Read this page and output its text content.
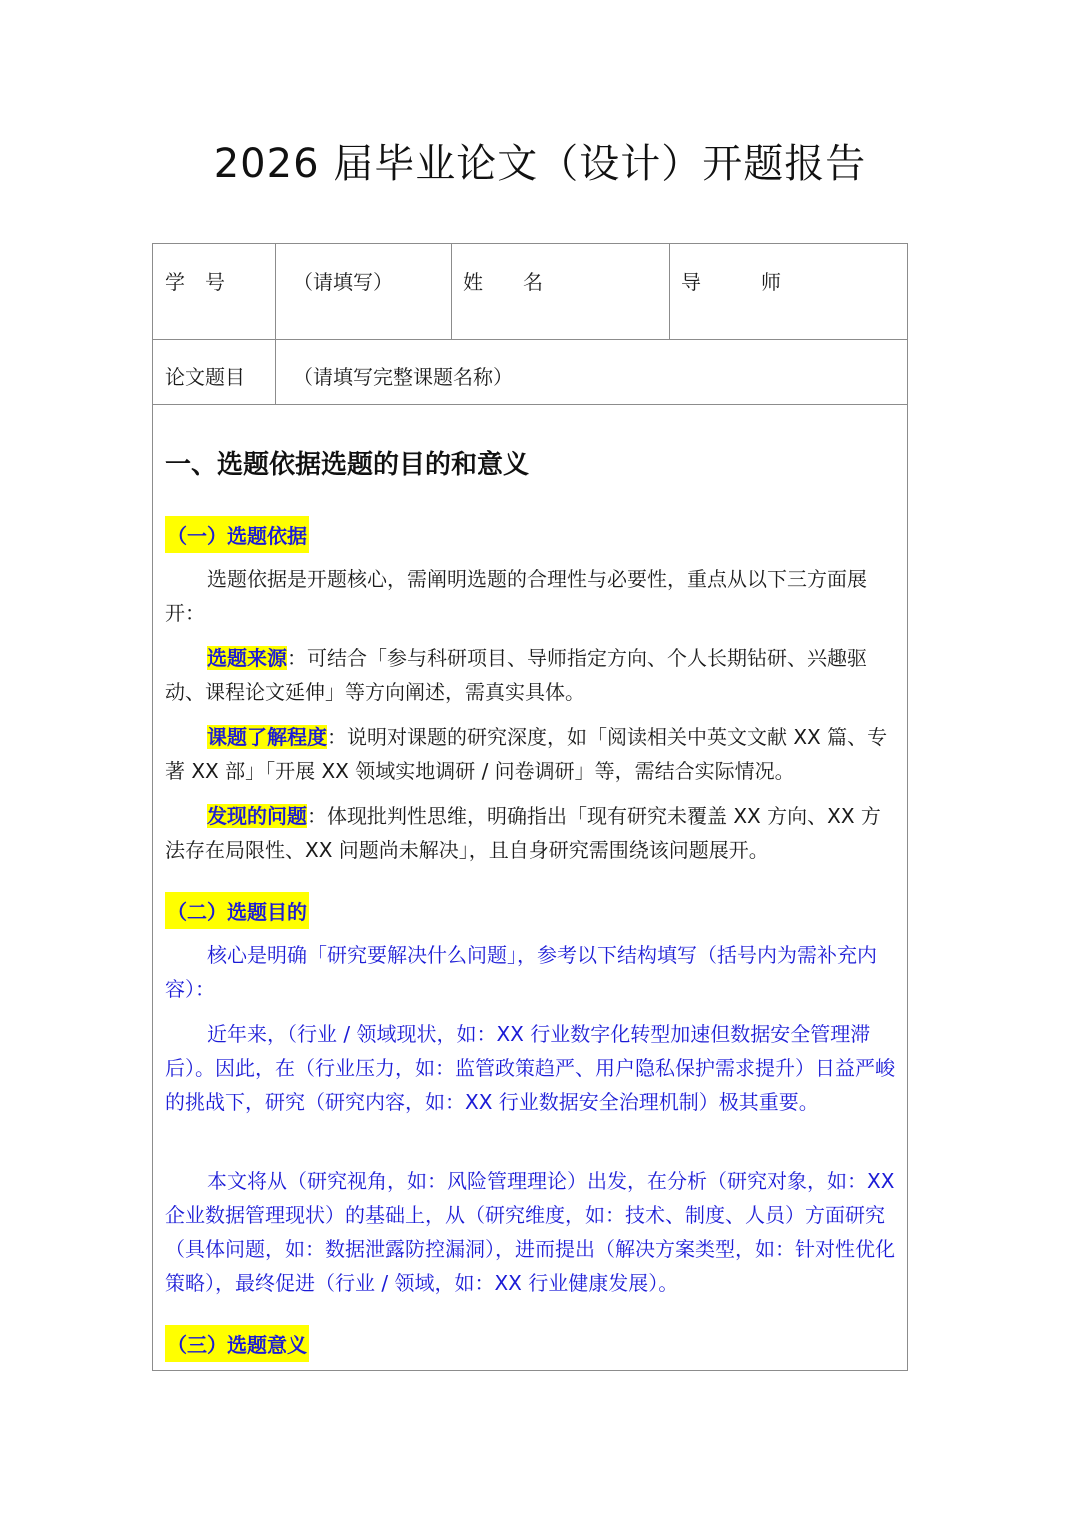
2026 届毕业论文（设计）开题报告
学　号	（请填写）	姓　　名	导　　　师
论文题目 （请填写完整课题名称）
一、选题依据选题的目的和意义
（一）选题依据
选题依据是开题核心，需阐明选题的合理性与必要性，重点从以下三方面展开：
选题来源：可结合「参与科研项目、导师指定方向、个人长期钻研、兴趣驱动、课程论文延伸」等方向阐述，需真实具体。
课题了解程度：说明对课题的研究深度，如「阅读相关中英文文献 XX 篇、专著 XX 部」「开展 XX 领域实地调研 / 问卷调研」等，需结合实际情况。
发现的问题：体现批判性思维，明确指出「现有研究未覆盖 XX 方向、XX 方法存在局限性、XX 问题尚未解决」，且自身研究需围绕该问题展开。
（二）选题目的
核心是明确「研究要解决什么问题」，参考以下结构填写（括号内为需补充内容）：
近年来，（行业 / 领域现状，如：XX 行业数字化转型加速但数据安全管理滞后）。因此，在（行业压力，如：监管政策趋严、用户隐私保护需求提升）日益严峻的挑战下，研究（研究内容，如：XX 行业数据安全治理机制）极其重要。
本文将从（研究视角，如：风险管理理论）出发，在分析（研究对象，如：XX 企业数据管理现状）的基础上，从（研究维度，如：技术、制度、人员）方面研究（具体问题，如：数据泄露防控漏洞），进而提出（解决方案类型，如：针对性优化策略），最终促进（行业 / 领域，如：XX 行业健康发展）。
（三）选题意义
